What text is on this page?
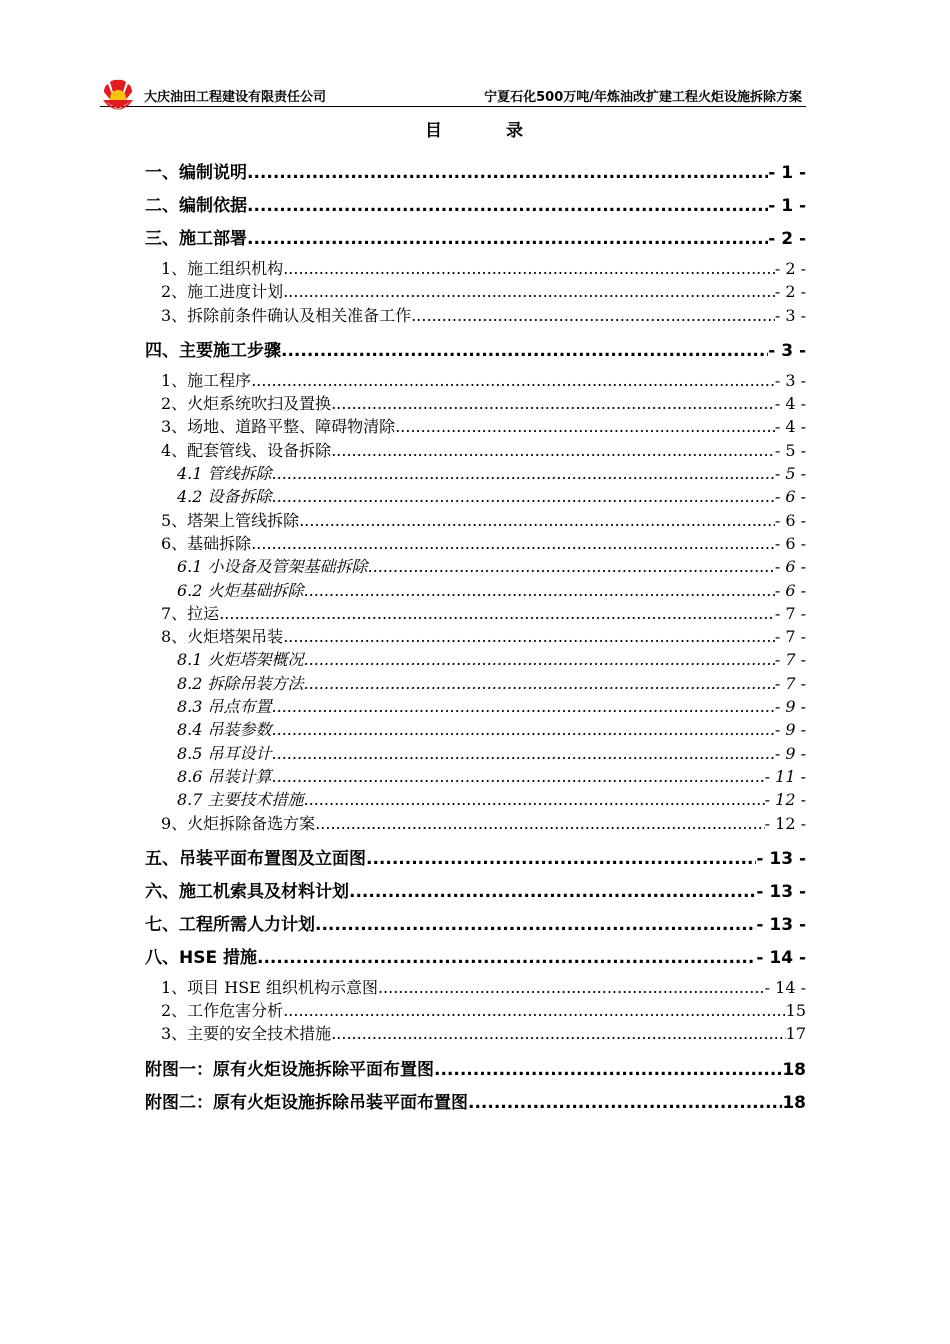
大庆油田工程建设有限责任公司	宁夏石化500万吨/年炼油改扩建工程火炬设施拆除方案
目	录
一、编制说明 .....	- 1 -
二、编制依据 .....	- 1 -
三、施工部署 .....	- 2 -
1、施工组织机构 .....	- 2 -
2、施工进度计划 .....	- 2 -
3、拆除前条件确认及相关准备工作 .....	- 3 -
四、主要施工步骤 .....	- 3 -
1、施工程序 .....	- 3 -
2、火炬系统吹扫及置换 .....	- 4 -
3、场地、道路平整、障碍物清除 .....	- 4 -
4、配套管线、设备拆除 .....	- 5 -
4.1 管线拆除 .....	- 5 -
4.2 设备拆除 .....	- 6 -
5、塔架上管线拆除 .....	- 6 -
6、基础拆除 .....	- 6 -
6.1 小设备及管架基础拆除 .....	- 6 -
6.2 火炬基础拆除 .....	- 6 -
7、拉运 .....	- 7 -
8、火炬塔架吊装 .....	- 7 -
8.1 火炬塔架概况 .....	- 7 -
8.2 拆除吊装方法 .....	- 7 -
8.3 吊点布置 .....	- 9 -
8.4 吊装参数 .....	- 9 -
8.5 吊耳设计 .....	- 9 -
8.6 吊装计算 .....	- 11 -
8.7 主要技术措施 .....	- 12 -
9、火炬拆除备选方案 .....	- 12 -
五、吊装平面布置图及立面图 .....	- 13 -
六、施工机索具及材料计划 .....	- 13 -
七、工程所需人力计划 .....	- 13 -
八、HSE 措施 .....	- 14 -
1、项目 HSE 组织机构示意图 .....	- 14 -
2、工作危害分析 .....	15
3、主要的安全技术措施 .....	17
附图一：原有火炬设施拆除平面布置图 .....	18
附图二：原有火炬设施拆除吊装平面布置图 .....	18
